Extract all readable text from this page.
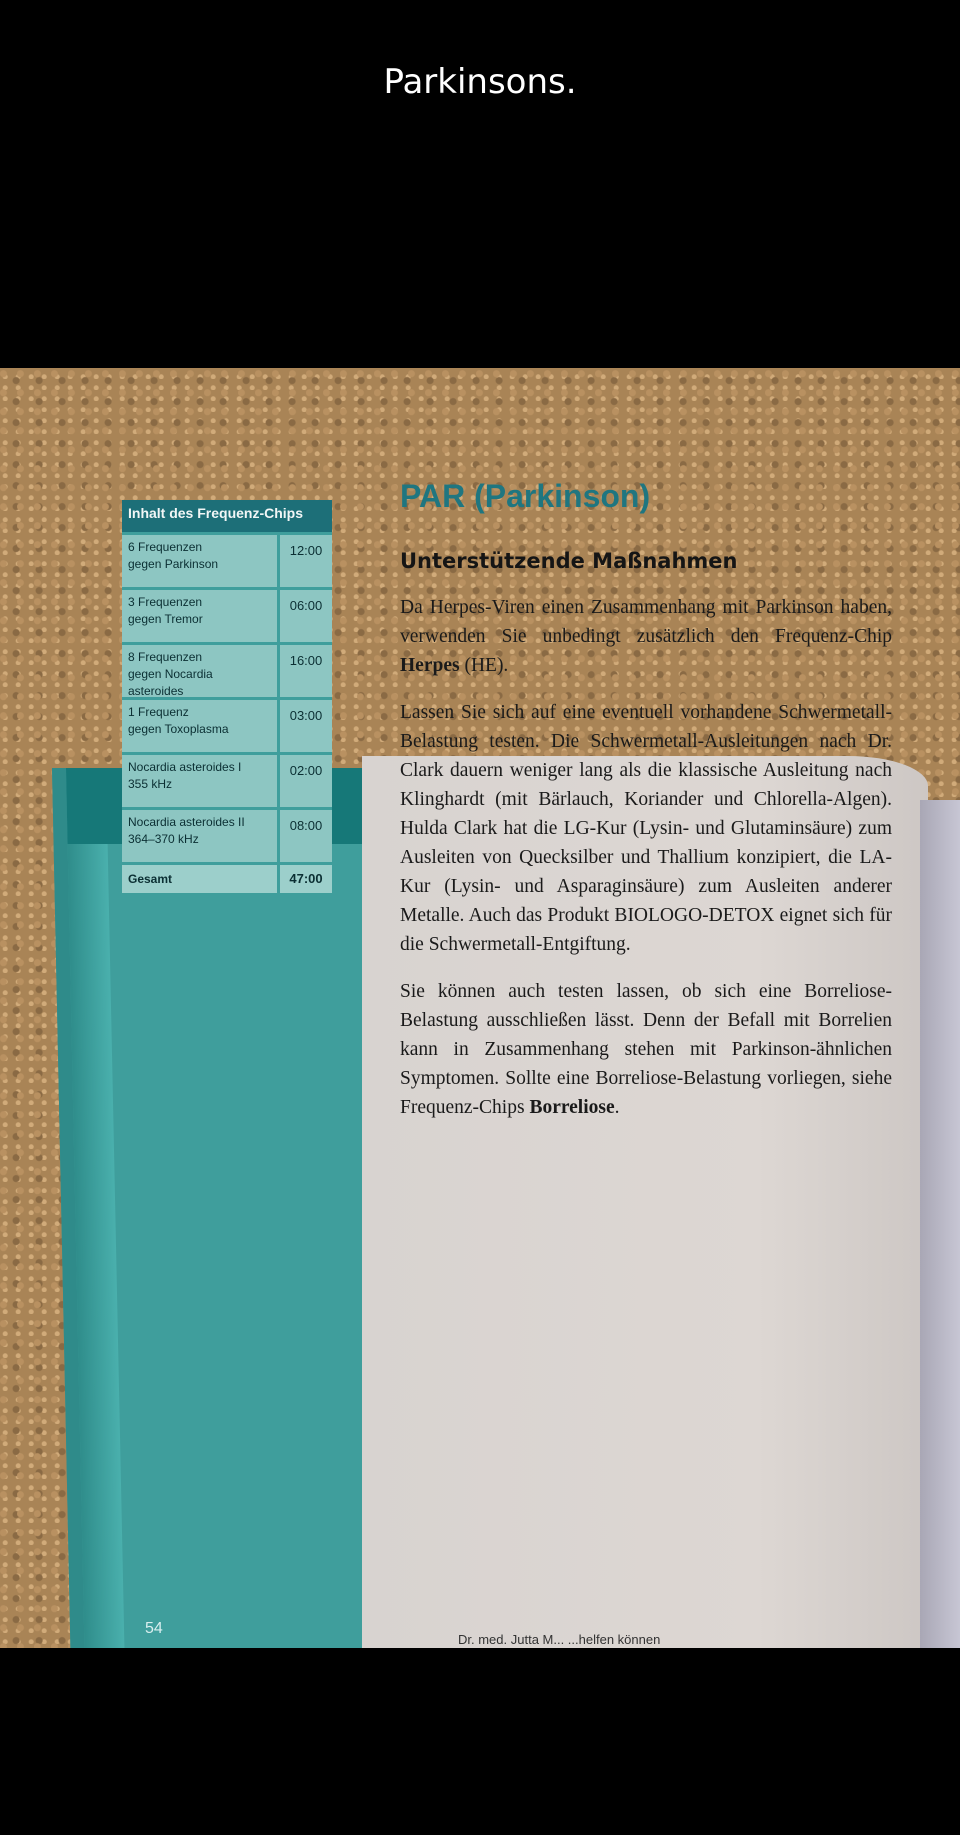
Parkinsons.
54
Inhalt des Frequenz-Chips
6 Frequenzen
gegen Parkinson
12:00
3 Frequenzen
gegen Tremor
06:00
8 Frequenzen
gegen Nocardia asteroides
16:00
1 Frequenz
gegen Toxoplasma
03:00
Nocardia asteroides I
355 kHz
02:00
Nocardia asteroides II
364–370 kHz
08:00
Gesamt	47:00
PAR (Parkinson)
Unterstützende Maßnahmen

Da Herpes-Viren einen Zusammenhang mit Parkinson haben, verwenden Sie unbedingt zusätzlich den Frequenz-Chip Herpes (HE).

Lassen Sie sich auf eine eventuell vorhandene Schwermetall-Belastung testen. Die Schwermetall-Ausleitungen nach Dr. Clark dauern weniger lang als die klassische Ausleitung nach Klinghardt (mit Bärlauch, Koriander und Chlorella-Algen). Hulda Clark hat die LG-Kur (Lysin- und Glutaminsäure) zum Ausleiten von Quecksilber und Thallium konzipiert, die LA-Kur (Lysin- und Asparaginsäure) zum Ausleiten anderer Metalle. Auch das Produkt BIOLOGO-DETOX eignet sich für die Schwermetall-Entgiftung.

Sie können auch testen lassen, ob sich eine Borreliose-Belastung ausschließen lässt. Denn der Befall mit Borrelien kann in Zusammenhang stehen mit Parkinson-ähnlichen Symptomen. Sollte eine Borreliose-Belastung vorliegen, siehe Frequenz-Chips Borreliose.

Dr. med. Jutta M... ...helfen können
